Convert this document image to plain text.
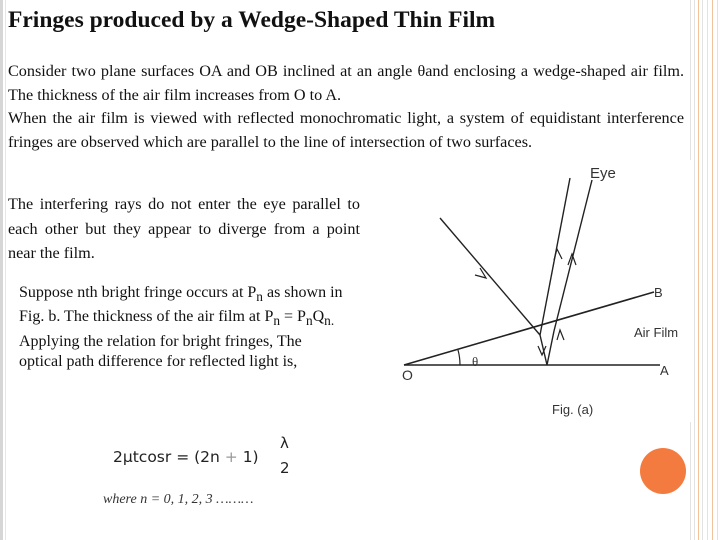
Fringes produced by a Wedge-Shaped Thin Film
Consider two plane surfaces OA and OB inclined at an angle θand enclosing a wedge-shaped air film. The thickness of the air film increases from O to A.
When the air film is viewed with reflected monochromatic light, a system of equidistant interference fringes are observed which are parallel to the line of intersection of two surfaces.
Eye
B
Air Film
O	A
θ
Fig. (a)
The interfering rays do not enter the eye parallel to each other but they appear to diverge from a point near the film.
Suppose nth bright fringe occurs at $P_n$ as shown in Fig. b. The thickness of the air film at $P_n = P_nQ_{n.}$
Applying the relation for bright fringes, The optical path difference for reflected light is,
2μtcosr = (2n + 1)
λ
2
where n = 0, 1, 2, 3 ………
